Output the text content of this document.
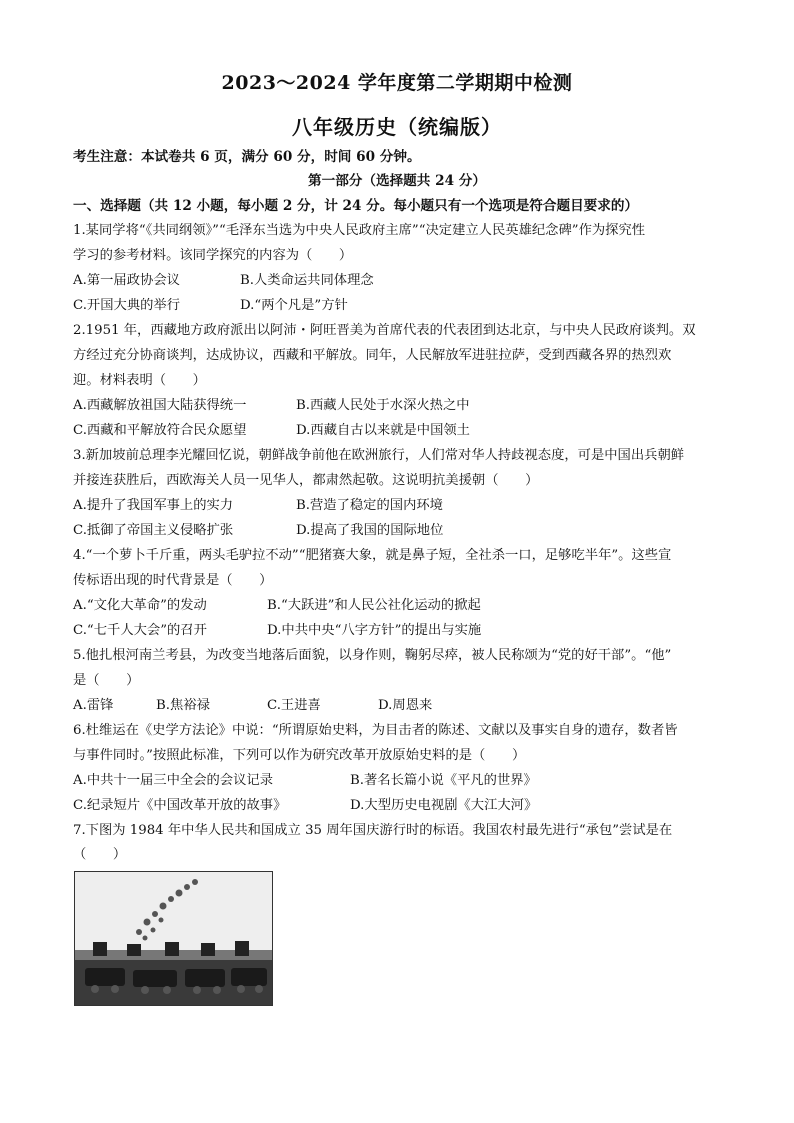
2023～2024 学年度第二学期期中检测
八年级历史（统编版）
考生注意：本试卷共 6 页，满分 60 分，时间 60 分钟。
第一部分（选择题共 24 分）
一、选择题（共 12 小题，每小题 2 分，计 24 分。每小题只有一个选项是符合题目要求的）
1.某同学将“《共同纲领》”“毛泽东当选为中央人民政府主席”“决定建立人民英雄纪念碑”作为探究性
学习的参考材料。该同学探究的内容为（　　）
A.第一届政协会议	B.人类命运共同体理念
C.开国大典的举行	D.“两个凡是”方针
2.1951 年，西藏地方政府派出以阿沛・阿旺晋美为首席代表的代表团到达北京，与中央人民政府谈判。双
方经过充分协商谈判，达成协议，西藏和平解放。同年，人民解放军进驻拉萨，受到西藏各界的热烈欢
迎。材料表明（　　）
A.西藏解放祖国大陆获得统一	B.西藏人民处于水深火热之中
C.西藏和平解放符合民众愿望	D.西藏自古以来就是中国领土
3.新加坡前总理李光耀回忆说，朝鲜战争前他在欧洲旅行，人们常对华人持歧视态度，可是中国出兵朝鲜
并接连获胜后，西欧海关人员一见华人，都肃然起敬。这说明抗美援朝（　　）
A.提升了我国军事上的实力	B.营造了稳定的国内环境
C.抵御了帝国主义侵略扩张	D.提高了我国的国际地位
4.“一个萝卜千斤重，两头毛驴拉不动”“肥猪赛大象，就是鼻子短，全社杀一口，足够吃半年”。这些宣
传标语出现的时代背景是（　　）
A.“文化大革命”的发动	B.“大跃进”和人民公社化运动的掀起
C.“七千人大会”的召开	D.中共中央“八字方针”的提出与实施
5.他扎根河南兰考县，为改变当地落后面貌，以身作则，鞠躬尽瘁，被人民称颂为“党的好干部”。“他”
是（　　）
A.雷锋	B.焦裕禄	C.王进喜	D.周恩来
6.杜维运在《史学方法论》中说：“所谓原始史料，为目击者的陈述、文献以及事实自身的遗存，数者皆
与事件同时。”按照此标准，下列可以作为研究改革开放原始史料的是（　　）
A.中共十一届三中全会的会议记录	B.著名长篇小说《平凡的世界》
C.纪录短片《中国改革开放的故事》	D.大型历史电视剧《大江大河》
7.下图为 1984 年中华人民共和国成立 35 周年国庆游行时的标语。我国农村最先进行“承包”尝试是在
（　　）
